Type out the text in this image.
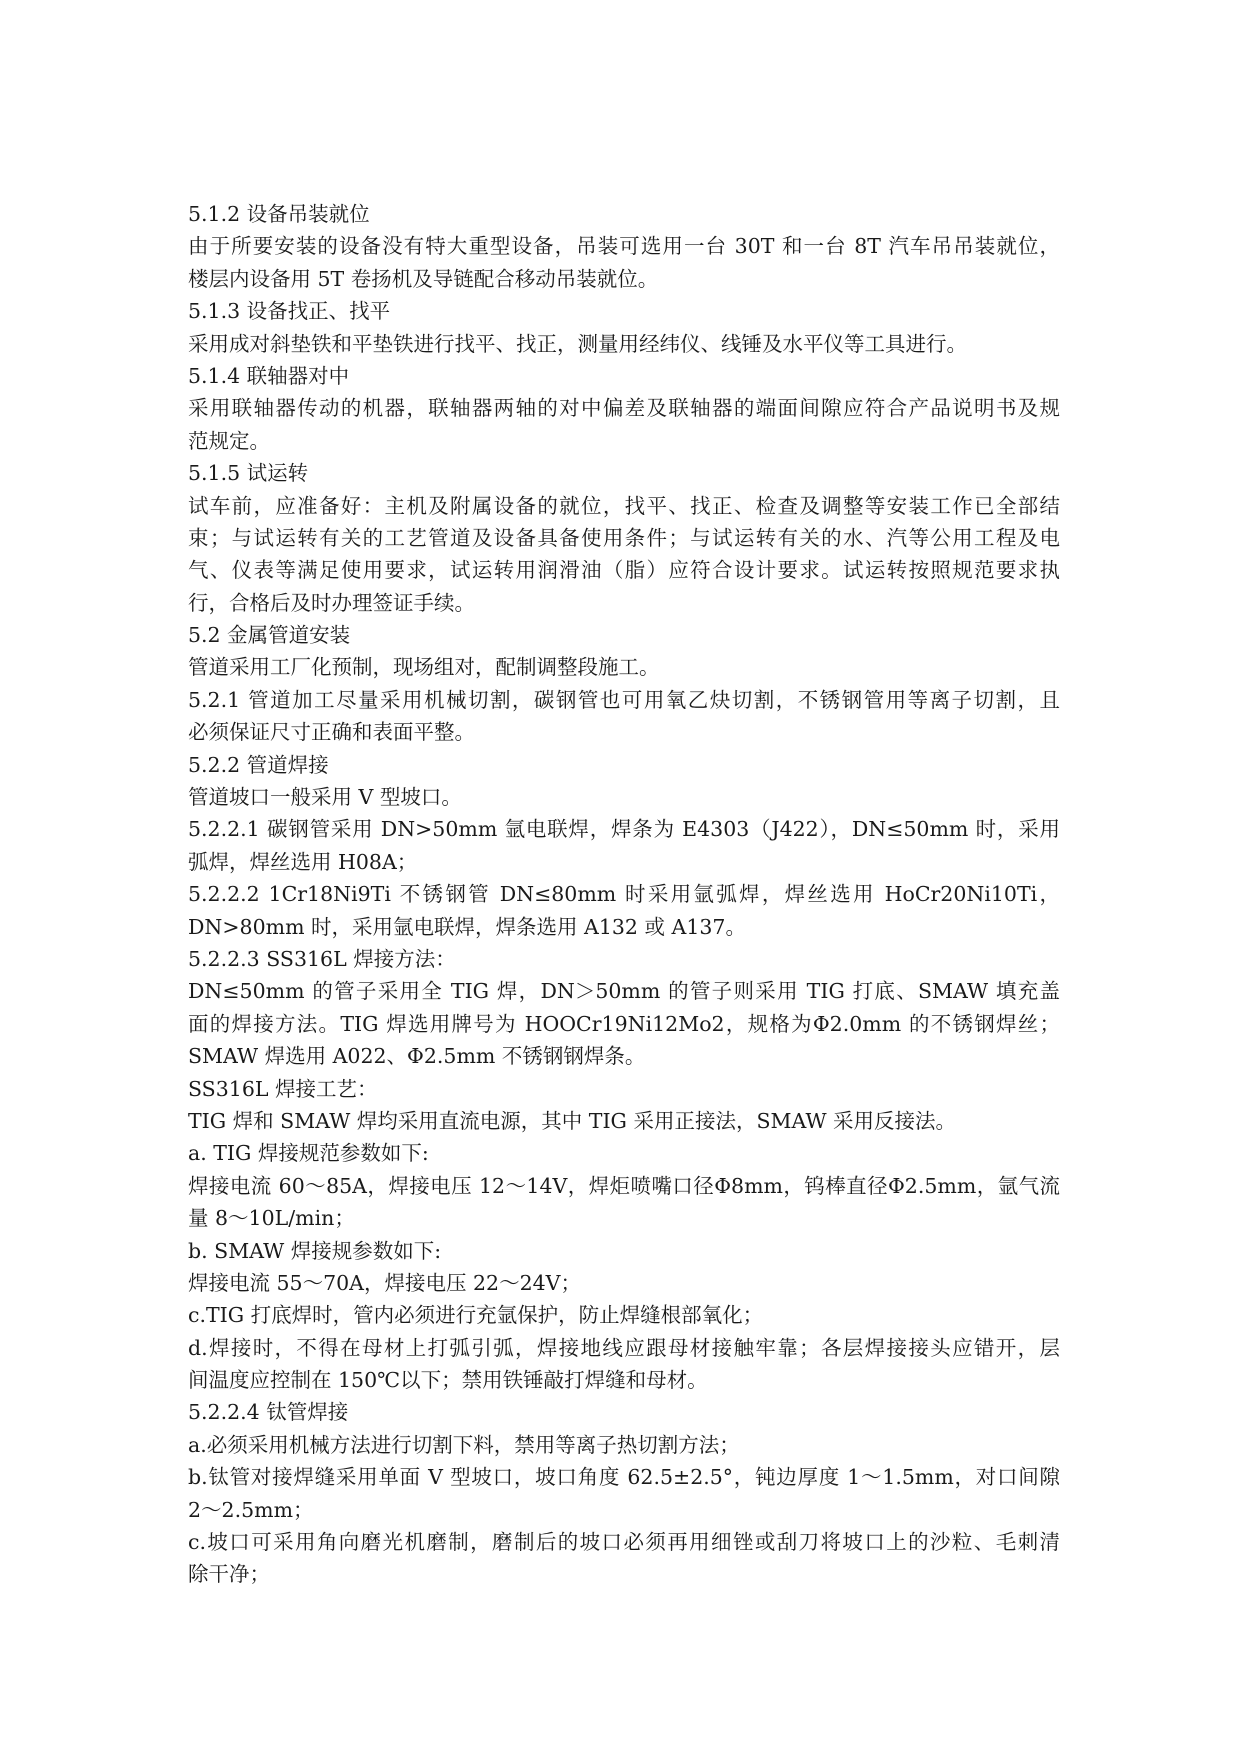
5.1.2 设备吊装就位
由于所要安装的设备没有特大重型设备，吊装可选用一台 30T 和一台 8T 汽车吊吊装就位，
楼层内设备用 5T 卷扬机及导链配合移动吊装就位。
5.1.3 设备找正、找平
采用成对斜垫铁和平垫铁进行找平、找正，测量用经纬仪、线锤及水平仪等工具进行。
5.1.4 联轴器对中
采用联轴器传动的机器，联轴器两轴的对中偏差及联轴器的端面间隙应符合产品说明书及规
范规定。
5.1.5 试运转
试车前，应准备好：主机及附属设备的就位，找平、找正、检查及调整等安装工作已全部结
束；与试运转有关的工艺管道及设备具备使用条件；与试运转有关的水、汽等公用工程及电
气、仪表等满足使用要求，试运转用润滑油（脂）应符合设计要求。试运转按照规范要求执
行，合格后及时办理签证手续。
5.2 金属管道安装
管道采用工厂化预制，现场组对，配制调整段施工。
5.2.1 管道加工尽量采用机械切割，碳钢管也可用氧乙炔切割，不锈钢管用等离子切割，且
必须保证尺寸正确和表面平整。
5.2.2 管道焊接
管道坡口一般采用 V 型坡口。
5.2.2.1 碳钢管采用 DN>50mm 氩电联焊，焊条为 E4303（J422），DN≤50mm 时，采用
弧焊，焊丝选用 H08A；
5.2.2.2 1Cr18Ni9Ti 不锈钢管 DN≤80mm 时采用氩弧焊，焊丝选用 HoCr20Ni10Ti，
DN>80mm 时，采用氩电联焊，焊条选用 A132 或 A137。
5.2.2.3 SS316L 焊接方法：
DN≤50mm 的管子采用全 TIG 焊，DN＞50mm 的管子则采用 TIG 打底、SMAW 填充盖
面的焊接方法。TIG 焊选用牌号为 HOOCr19Ni12Mo2，规格为Φ2.0mm 的不锈钢焊丝；
SMAW 焊选用 A022、Φ2.5mm 不锈钢钢焊条。
SS316L 焊接工艺：
TIG 焊和 SMAW 焊均采用直流电源，其中 TIG 采用正接法，SMAW 采用反接法。
a. TIG 焊接规范参数如下:
焊接电流 60～85A，焊接电压 12～14V，焊炬喷嘴口径Φ8mm，钨棒直径Φ2.5mm，氩气流
量 8～10L/min；
b. SMAW 焊接规参数如下:
焊接电流 55～70A，焊接电压 22～24V；
c.TIG 打底焊时，管内必须进行充氩保护，防止焊缝根部氧化；
d.焊接时，不得在母材上打弧引弧，焊接地线应跟母材接触牢靠；各层焊接接头应错开，层
间温度应控制在 150℃以下；禁用铁锤敲打焊缝和母材。
5.2.2.4 钛管焊接
a.必须采用机械方法进行切割下料，禁用等离子热切割方法；
b.钛管对接焊缝采用单面 V 型坡口，坡口角度 62.5±2.5°，钝边厚度 1～1.5mm，对口间隙
2～2.5mm；
c.坡口可采用角向磨光机磨制，磨制后的坡口必须再用细锉或刮刀将坡口上的沙粒、毛刺清
除干净；
